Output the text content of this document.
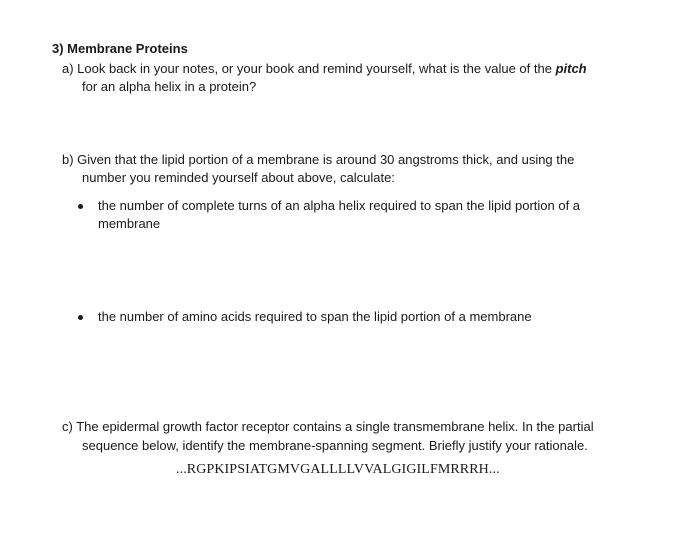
3) Membrane Proteins
a) Look back in your notes, or your book and remind yourself, what is the value of the pitch
for an alpha helix in a protein?
b) Given that the lipid portion of a membrane is around 30 angstroms thick, and using the
number you reminded yourself about above, calculate:
the number of complete turns of an alpha helix required to span the lipid portion of a
membrane
the number of amino acids required to span the lipid portion of a membrane
c) The epidermal growth factor receptor contains a single transmembrane helix. In the partial
sequence below, identify the membrane-spanning segment. Briefly justify your rationale.
...RGPKIPSIATGMVGALLLLVVALGIGILFMRRRH...
